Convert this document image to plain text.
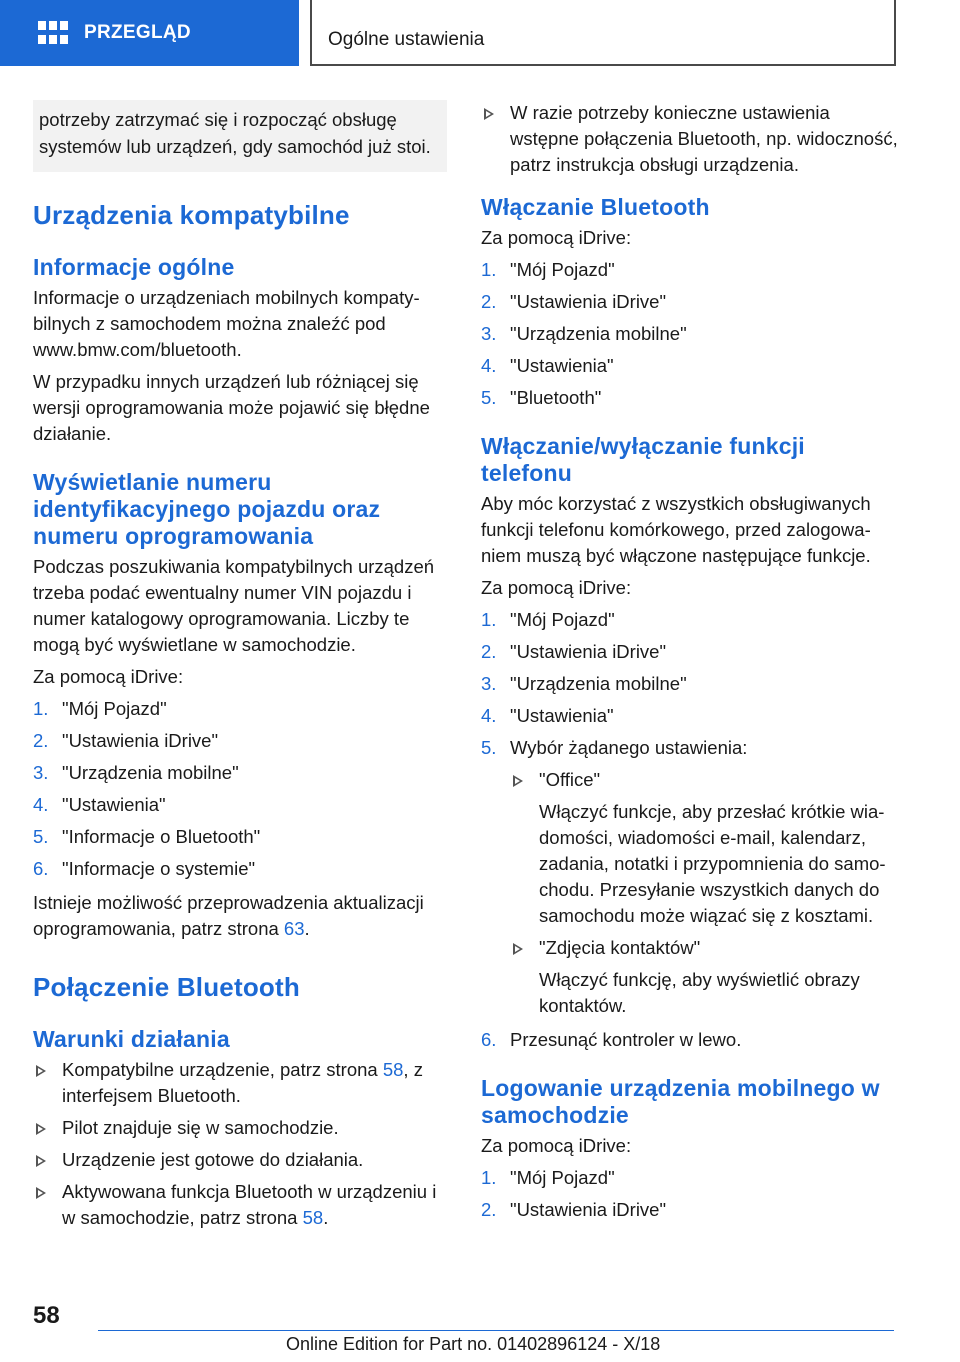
PRZEGLĄD	Ogólne ustawienia
potrzeby zatrzymać się i rozpocząć obsługę systemów lub urządzeń, gdy samochód już stoi.
Urządzenia kompatybilne
Informacje ogólne

Informacje o urządzeniach mobilnych kompatybilnych z samochodem można znaleźć pod www.bmw.com/bluetooth.

W przypadku innych urządzeń lub różniącej się wersji oprogramowania może pojawić się błędne działanie.

Wyświetlanie numeru identyfikacyjnego pojazdu oraz numeru oprogramowania

Podczas poszukiwania kompatybilnych urządzeń trzeba podać ewentualny numer VIN pojazdu i numer katalogowy oprogramowania. Liczby te mogą być wyświetlane w samochodzie.

Za pomocą iDrive:

1. "Mój Pojazd"
2. "Ustawienia iDrive"
3. "Urządzenia mobilne"
4. "Ustawienia"
5. "Informacje o Bluetooth"
6. "Informacje o systemie"

Istnieje możliwość przeprowadzenia aktualizacji oprogramowania, patrz strona 63.

Połączenie Bluetooth
Warunki działania
Kompatybilne urządzenie, patrz strona 58, z interfejsem Bluetooth.
Pilot znajduje się w samochodzie.
Urządzenie jest gotowe do działania.
Aktywowana funkcja Bluetooth w urządzeniu i w samochodzie, patrz strona 58.
W razie potrzeby konieczne ustawienia wstępne połączenia Bluetooth, np. widoczność, patrz instrukcja obsługi urządzenia.
Włączanie Bluetooth

Za pomocą iDrive:

1. "Mój Pojazd"
2. "Ustawienia iDrive"
3. "Urządzenia mobilne"
4. "Ustawienia"
5. "Bluetooth"
Włączanie/wyłączanie funkcji telefonu

Aby móc korzystać z wszystkich obsługiwanych funkcji telefonu komórkowego, przed zalogowaniem muszą być włączone następujące funkcje.

Za pomocą iDrive:

1. "Mój Pojazd"
2. "Ustawienia iDrive"
3. "Urządzenia mobilne"
4. "Ustawienia"
5. Wybór żądanego ustawienia:
"Office"
Włączyć funkcje, aby przesłać krótkie wiadomości, wiadomości e-mail, kalendarz, zadania, notatki i przypomnienia do samochodu. Przesyłanie wszystkich danych do samochodu może wiązać się z kosztami.
"Zdjęcia kontaktów"
Włączyć funkcję, aby wyświetlić obrazy kontaktów.
6. Przesunąć kontroler w lewo.
Logowanie urządzenia mobilnego w samochodzie

Za pomocą iDrive:

1. "Mój Pojazd"
2. "Ustawienia iDrive"
58
Online Edition for Part no. 01402896124 - X/18
